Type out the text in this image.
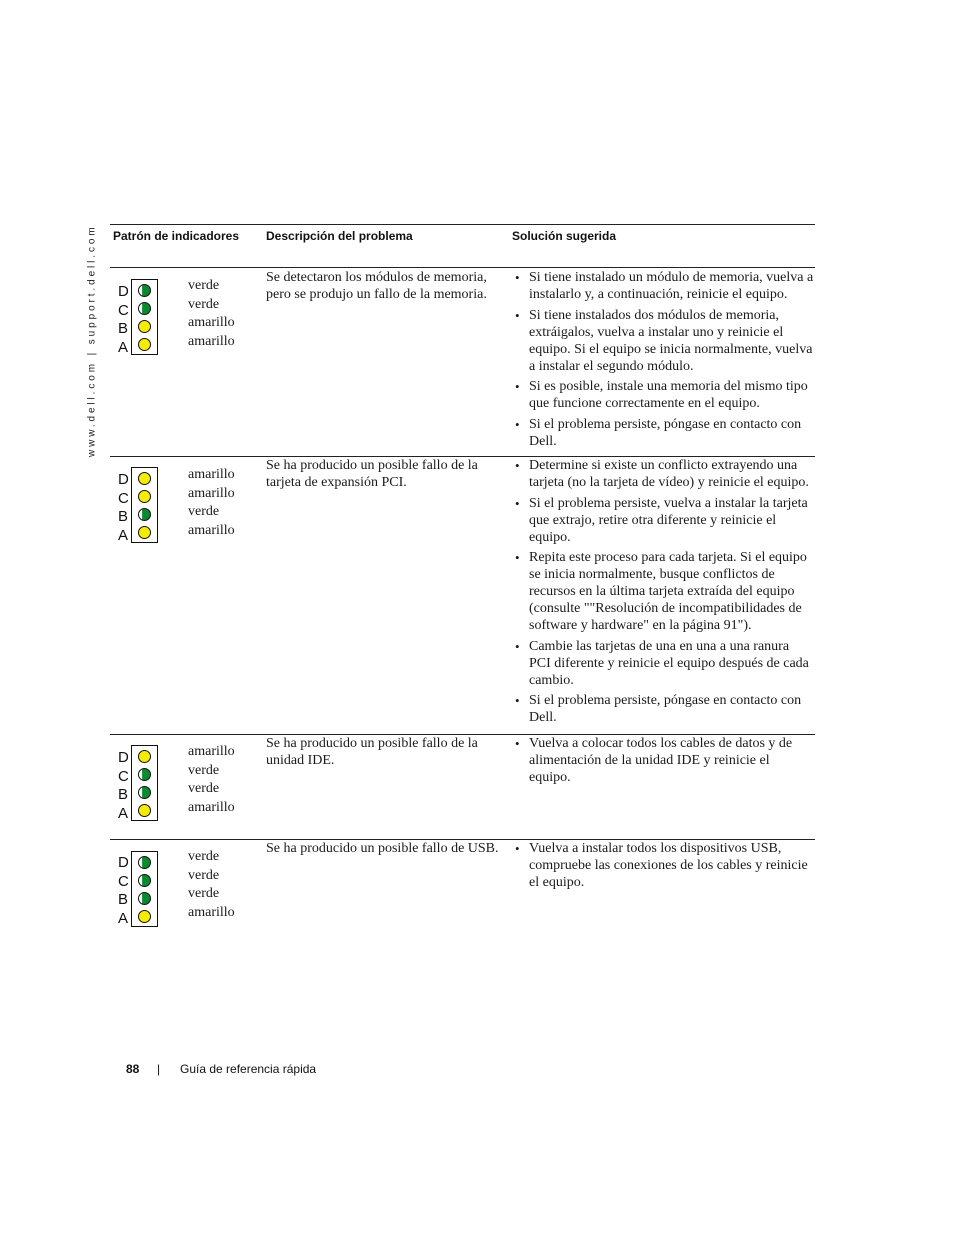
www.dell.com | support.dell.com Patrón de indicadores	Descripción del problema	Solución sugerida
D
C
B
A
verde
verde
amarillo
amarillo
Se detectaron los módulos de memoria, pero se produjo un fallo de la memoria.
• Si tiene instalado un módulo de memoria, vuelva a instalarlo y, a continuación, reinicie el equipo.
• Si tiene instalados dos módulos de memoria, extráigalos, vuelva a instalar uno y reinicie el equipo. Si el equipo se inicia normalmente, vuelva a instalar el segundo módulo.
• Si es posible, instale una memoria del mismo tipo que funcione correctamente en el equipo.
• Si el problema persiste, póngase en contacto con Dell.
D
C
B
A
amarillo
amarillo
verde
amarillo
Se ha producido un posible fallo de la tarjeta de expansión PCI.
• Determine si existe un conflicto extrayendo una tarjeta (no la tarjeta de vídeo) y reinicie el equipo.
• Si el problema persiste, vuelva a instalar la tarjeta que extrajo, retire otra diferente y reinicie el equipo.
• Repita este proceso para cada tarjeta. Si el equipo se inicia normalmente, busque conflictos de recursos en la última tarjeta extraída del equipo (consulte ""Resolución de incompatibilidades de software y hardware" en la página 91").
• Cambie las tarjetas de una en una a una ranura PCI diferente y reinicie el equipo después de cada cambio.
• Si el problema persiste, póngase en contacto con Dell.
D
C
B
A
amarillo
verde
verde
amarillo
Se ha producido un posible fallo de la unidad IDE.
• Vuelva a colocar todos los cables de datos y de alimentación de la unidad IDE y reinicie el equipo.
D
C
B
A
verde
verde
verde
amarillo
Se ha producido un posible fallo de USB.
•	Vuelva a instalar todos los dispositivos USB, compruebe las conexiones de los cables y reinicie el equipo.
88 | Guía de referencia rápida
